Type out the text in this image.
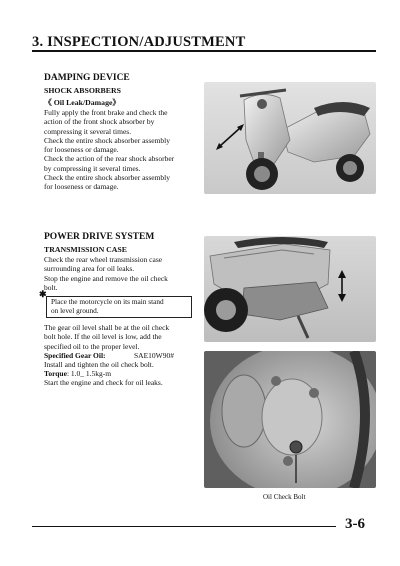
3. INSPECTION/ADJUSTMENT
DAMPING DEVICE
SHOCK ABSORBERS
《 Oil Leak/Damage》
Fully apply the front brake and check the
action of the front shock absorber by
compressing it several times.
Check the entire shock absorber assembly
for looseness or damage.
Check the action of the rear shock absorber
by compressing it several times.
Check the entire shock absorber assembly
for looseness or damage.
POWER DRIVE SYSTEM
TRANSMISSION CASE
Check the rear wheel transmission case
surrounding area for oil leaks.
Stop the engine and remove the oil check
bolt.
✱
Place the motorcycle on its main stand
on level ground.
The gear oil level shall be at the oil check
bolt hole. If the oil level is low, add the
specified oil to the proper level.
Specified Gear Oil:	SAE10W90#
Install and tighten the oil check bolt.
Torque: 1.0_ 1.5kg-m
Start the engine and check for oil leaks.
Oil Check Bolt
3-6
